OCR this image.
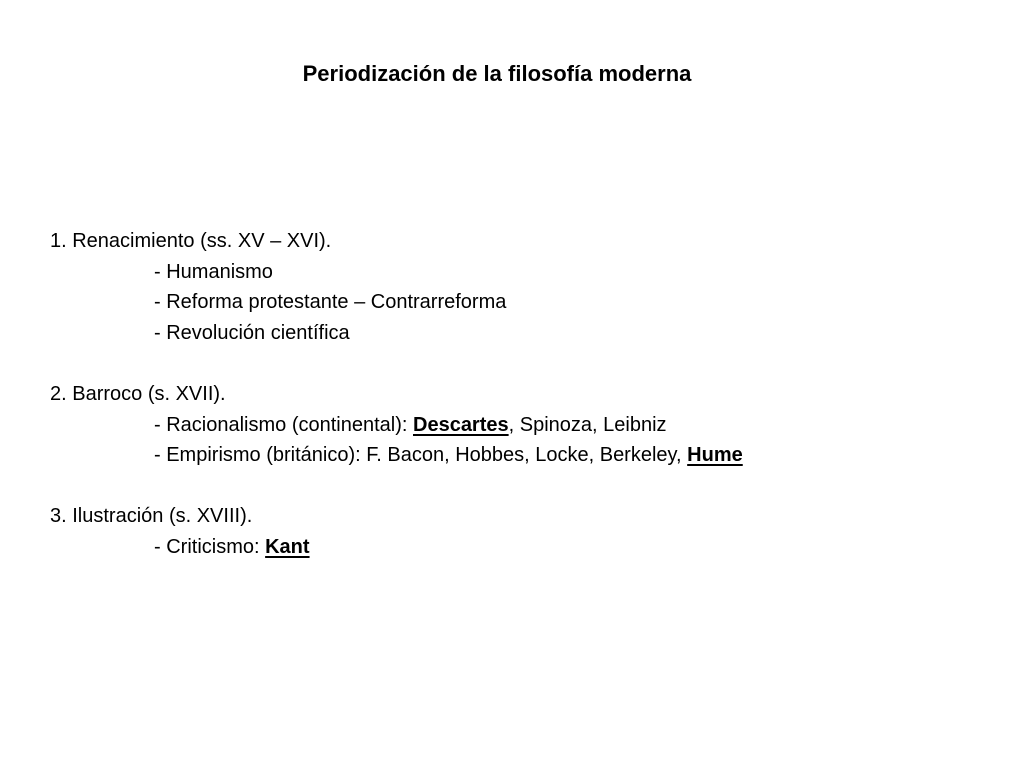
Periodización de la filosofía moderna
1. Renacimiento (ss. XV – XVI).
- Humanismo
- Reforma protestante – Contrarreforma
- Revolución científica
2. Barroco (s. XVII).
- Racionalismo (continental): Descartes, Spinoza, Leibniz
- Empirismo (británico): F. Bacon, Hobbes, Locke, Berkeley, Hume
3. Ilustración (s. XVIII).
- Criticismo: Kant
